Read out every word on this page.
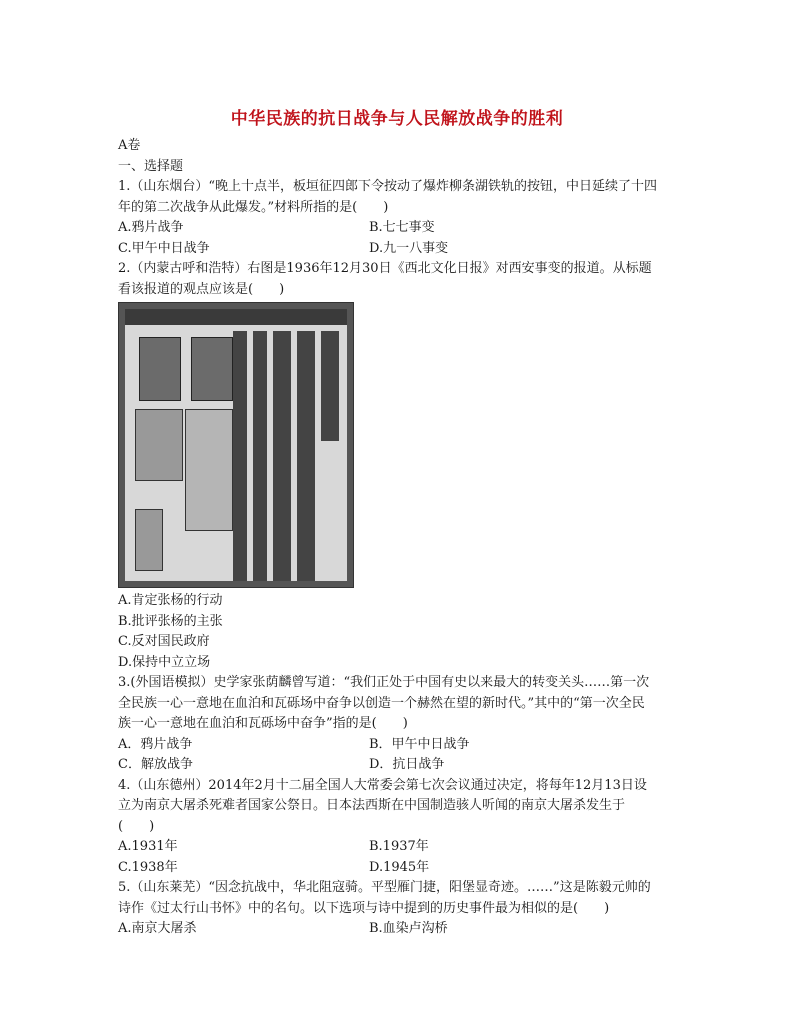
中华民族的抗日战争与人民解放战争的胜利
A卷
一、选择题
1.（山东烟台）“晚上十点半，板垣征四郎下令按动了爆炸柳条湖铁轨的按钮，中日延续了十四
年的第二次战争从此爆发。”材料所指的是(　　)
A.鸦片战争	B.七七事变
C.甲午中日战争	D.九一八事变
2.（内蒙古呼和浩特）右图是1936年12月30日《西北文化日报》对西安事变的报道。从标题
看该报道的观点应该是(　　)
A.肯定张杨的行动
B.批评张杨的主张
C.反对国民政府
D.保持中立立场
3.(外国语模拟）史学家张荫麟曾写道：“我们正处于中国有史以来最大的转变关头……第一次
全民族一心一意地在血泊和瓦砾场中奋争以创造一个赫然在望的新时代。”其中的“第一次全民
族一心一意地在血泊和瓦砾场中奋争”指的是(　　)
A．鸦片战争	B．甲午中日战争
C．解放战争	D．抗日战争
4.（山东德州）2014年2月十二届全国人大常委会第七次会议通过决定，将每年12月13日设
立为南京大屠杀死难者国家公祭日。日本法西斯在中国制造骇人听闻的南京大屠杀发生于
(　　)
A.1931年	B.1937年
C.1938年	D.1945年
5.（山东莱芜）“因念抗战中，华北阻寇骑。平型雁门捷，阳堡显奇迹。……”这是陈毅元帅的
诗作《过太行山书怀》中的名句。以下选项与诗中提到的历史事件最为相似的是(　　)
A.南京大屠杀	B.血染卢沟桥
